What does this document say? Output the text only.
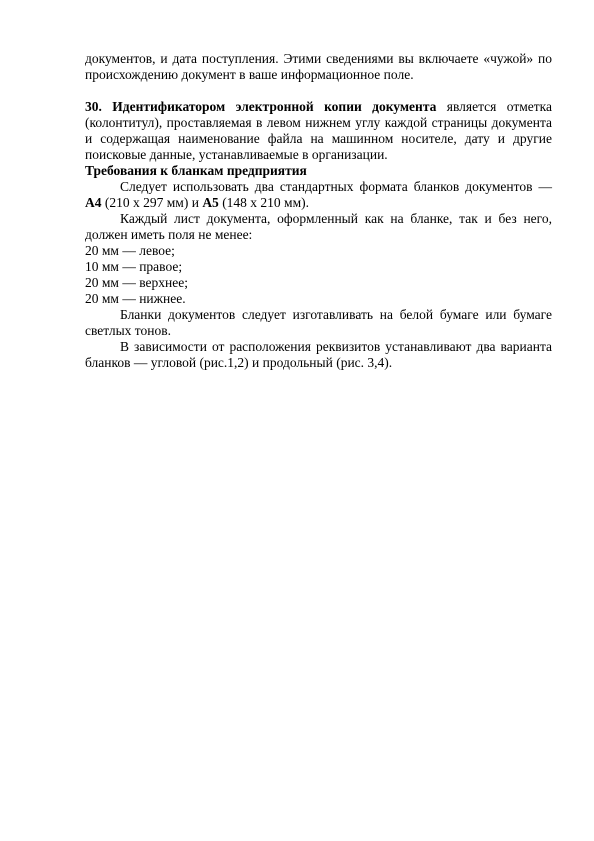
документов, и дата поступления. Этими сведениями вы включаете «чужой» по происхождению документ в ваше информационное поле.

30. Идентификатором электронной копии документа является отметка (колонтитул), проставляемая в левом нижнем углу каждой страницы документа и содержащая наименование файла на машинном носителе, дату и другие поисковые данные, устанавливаемые в организации.

Требования к бланкам предприятия

Следует использовать два стандартных формата бланков документов — А4 (210 х 297 мм) и А5 (148 х 210 мм).

Каждый лист документа, оформленный как на бланке, так и без него, должен иметь поля не менее:

20 мм — левое;

10 мм — правое;

20 мм — верхнее;

20 мм — нижнее.

Бланки документов следует изготавливать на белой бумаге или бумаге светлых тонов.

В зависимости от расположения реквизитов устанавливают два варианта бланков — угловой (рис.1,2) и продольный (рис. 3,4).
